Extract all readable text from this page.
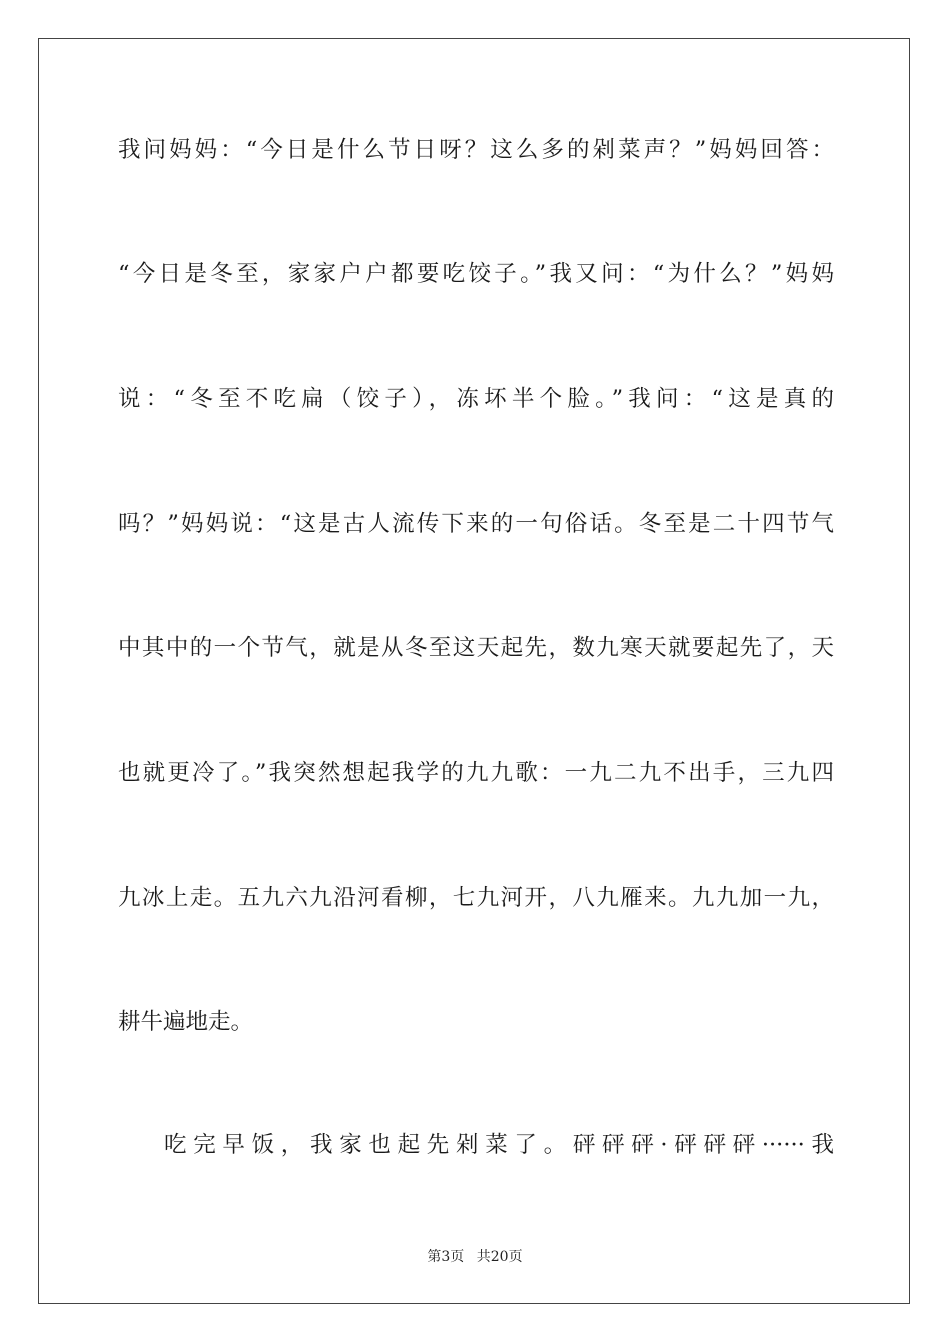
我问妈妈：“今日是什么节日呀？这么多的剁菜声？”妈妈回答：
“今日是冬至，家家户户都要吃饺子。”我又问：“为什么？”妈妈
说：“冬至不吃扁（饺子），冻坏半个脸。”我问：“这是真的
吗？”妈妈说：“这是古人流传下来的一句俗话。冬至是二十四节气
中其中的一个节气，就是从冬至这天起先，数九寒天就要起先了，天
也就更冷了。”我突然想起我学的九九歌：一九二九不出手，三九四
九冰上走。五九六九沿河看柳，七九河开，八九雁来。九九加一九，
耕牛遍地走。
吃完早饭，我家也起先剁菜了。砰砰砰·砰砰砰······我
第3页 共20页
